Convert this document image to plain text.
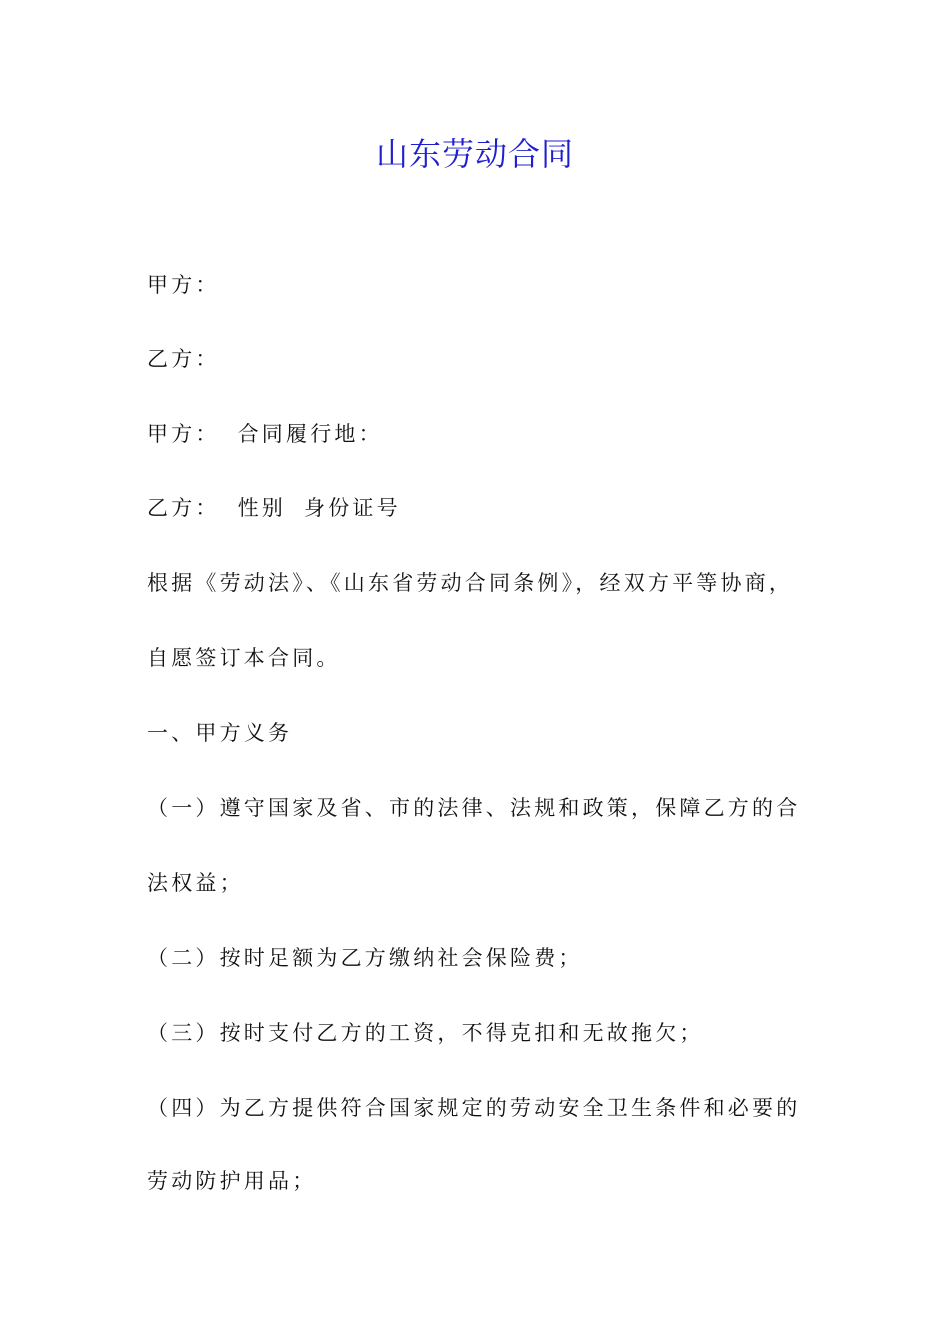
山东劳动合同
甲方：
乙方：
甲方： 合同履行地：
乙方： 性别 身份证号
根据《劳动法》、《山东省劳动合同条例》，经双方平等协商，
自愿签订本合同。
一、甲方义务
（一）遵守国家及省、市的法律、法规和政策，保障乙方的合
法权益；
（二）按时足额为乙方缴纳社会保险费；
（三）按时支付乙方的工资，不得克扣和无故拖欠；
（四）为乙方提供符合国家规定的劳动安全卫生条件和必要的
劳动防护用品；
